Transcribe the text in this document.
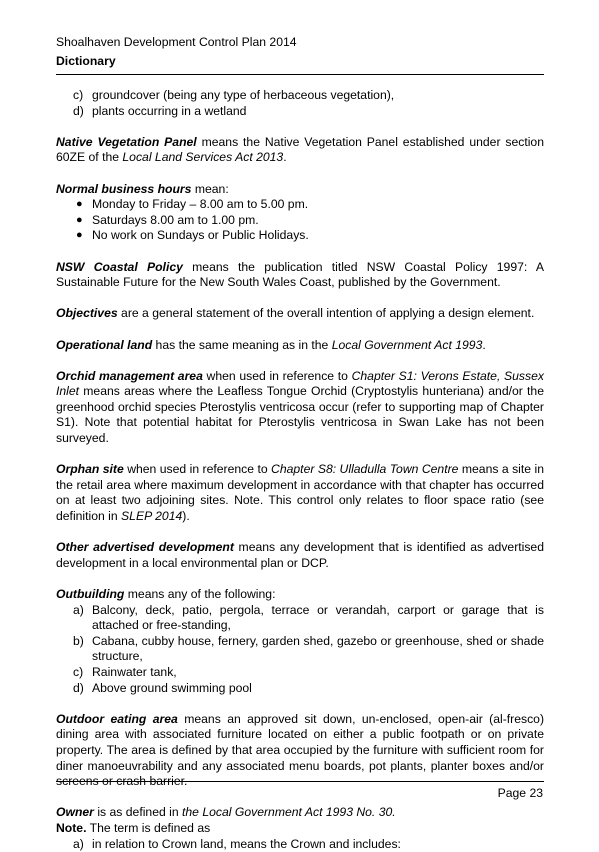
Shoalhaven Development Control Plan 2014
Dictionary
c) groundcover (being any type of herbaceous vegetation),
d) plants occurring in a wetland

Native Vegetation Panel means the Native Vegetation Panel established under section 60ZE of the Local Land Services Act 2013.

Normal business hours mean:

● Monday to Friday – 8.00 am to 5.00 pm.
● Saturdays 8.00 am to 1.00 pm.
● No work on Sundays or Public Holidays.

NSW Coastal Policy means the publication titled NSW Coastal Policy 1997: A Sustainable Future for the New South Wales Coast, published by the Government.

Objectives are a general statement of the overall intention of applying a design element.

Operational land has the same meaning as in the Local Government Act 1993.

Orchid management area when used in reference to Chapter S1: Verons Estate, Sussex Inlet means areas where the Leafless Tongue Orchid (Cryptostylis hunteriana) and/or the greenhood orchid species Pterostylis ventricosa occur (refer to supporting map of Chapter S1). Note that potential habitat for Pterostylis ventricosa in Swan Lake has not been surveyed.

Orphan site when used in reference to Chapter S8: Ulladulla Town Centre means a site in the retail area where maximum development in accordance with that chapter has occurred on at least two adjoining sites. Note. This control only relates to floor space ratio (see definition in SLEP 2014).

Other advertised development means any development that is identified as advertised development in a local environmental plan or DCP.

Outbuilding means any of the following:

a) Balcony, deck, patio, pergola, terrace or verandah, carport or garage that is attached or free-standing,
b) Cabana, cubby house, fernery, garden shed, gazebo or greenhouse, shed or shade structure,
c) Rainwater tank,
d) Above ground swimming pool

Outdoor eating area means an approved sit down, un-enclosed, open-air (al-fresco) dining area with associated furniture located on either a public footpath or on private property. The area is defined by that area occupied by the furniture with sufficient room for diner manoeuvrability and any associated menu boards, pot plants, planter boxes and/or screens or crash barrier.

Owner is as defined in the Local Government Act 1993 No. 30.

Note. The term is defined as

a) in relation to Crown land, means the Crown and includes:
Page 23
